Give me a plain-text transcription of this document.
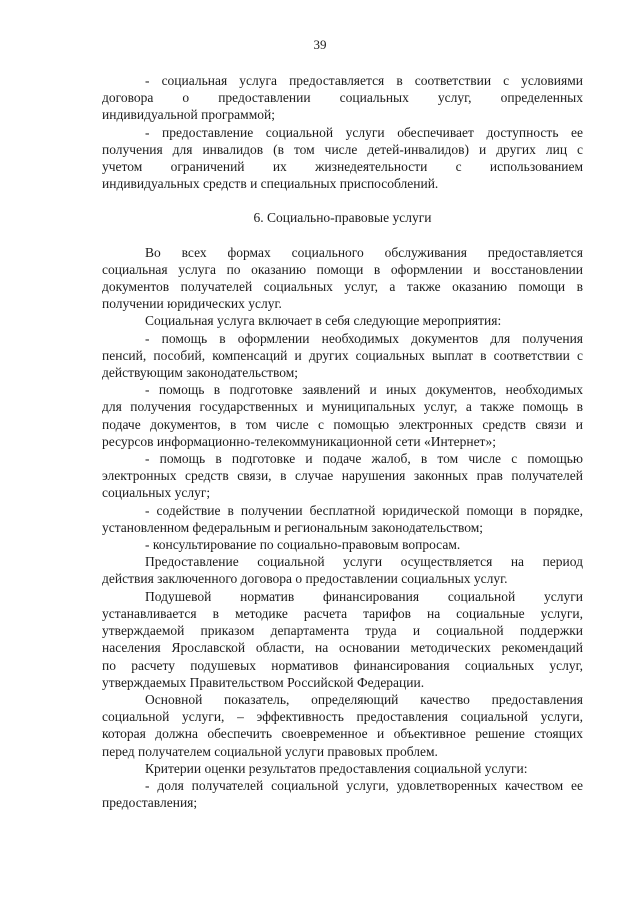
39

- социальная услуга предоставляется в соответствии с условиями

договора о предоставлении социальных услуг, определенных

индивидуальной программой;

- предоставление социальной услуги обеспечивает доступность ее

получения для инвалидов (в том числе детей-инвалидов) и других лиц с

учетом ограничений их жизнедеятельности с использованием

индивидуальных средств и специальных приспособлений.

6. Социально-правовые услуги

Во всех формах социального обслуживания предоставляется

социальная услуга по оказанию помощи в оформлении и восстановлении

документов получателей социальных услуг, а также оказанию помощи в

получении юридических услуг.

Социальная услуга включает в себя следующие мероприятия:

- помощь в оформлении необходимых документов для получения

пенсий, пособий, компенсаций и других социальных выплат в соответствии с

действующим законодательством;

- помощь в подготовке заявлений и иных документов, необходимых

для получения государственных и муниципальных услуг, а также помощь в

подаче документов, в том числе с помощью электронных средств связи и

ресурсов информационно-телекоммуникационной сети «Интернет»;

- помощь в подготовке и подаче жалоб, в том числе с помощью

электронных средств связи, в случае нарушения законных прав получателей

социальных услуг;

- содействие в получении бесплатной юридической помощи в порядке,

установленном федеральным и региональным законодательством;

- консультирование по социально-правовым вопросам.

Предоставление социальной услуги осуществляется на период

действия заключенного договора о предоставлении социальных услуг.

Подушевой норматив финансирования социальной услуги

устанавливается в методике расчета тарифов на социальные услуги,

утверждаемой приказом департамента труда и социальной поддержки

населения Ярославской области, на основании методических рекомендаций

по расчету подушевых нормативов финансирования социальных услуг,

утверждаемых Правительством Российской Федерации.

Основной показатель, определяющий качество предоставления

социальной услуги, – эффективность предоставления социальной услуги,

которая должна обеспечить своевременное и объективное решение стоящих

перед получателем социальной услуги правовых проблем.

Критерии оценки результатов предоставления социальной услуги:

- доля получателей социальной услуги, удовлетворенных качеством ее

предоставления;
